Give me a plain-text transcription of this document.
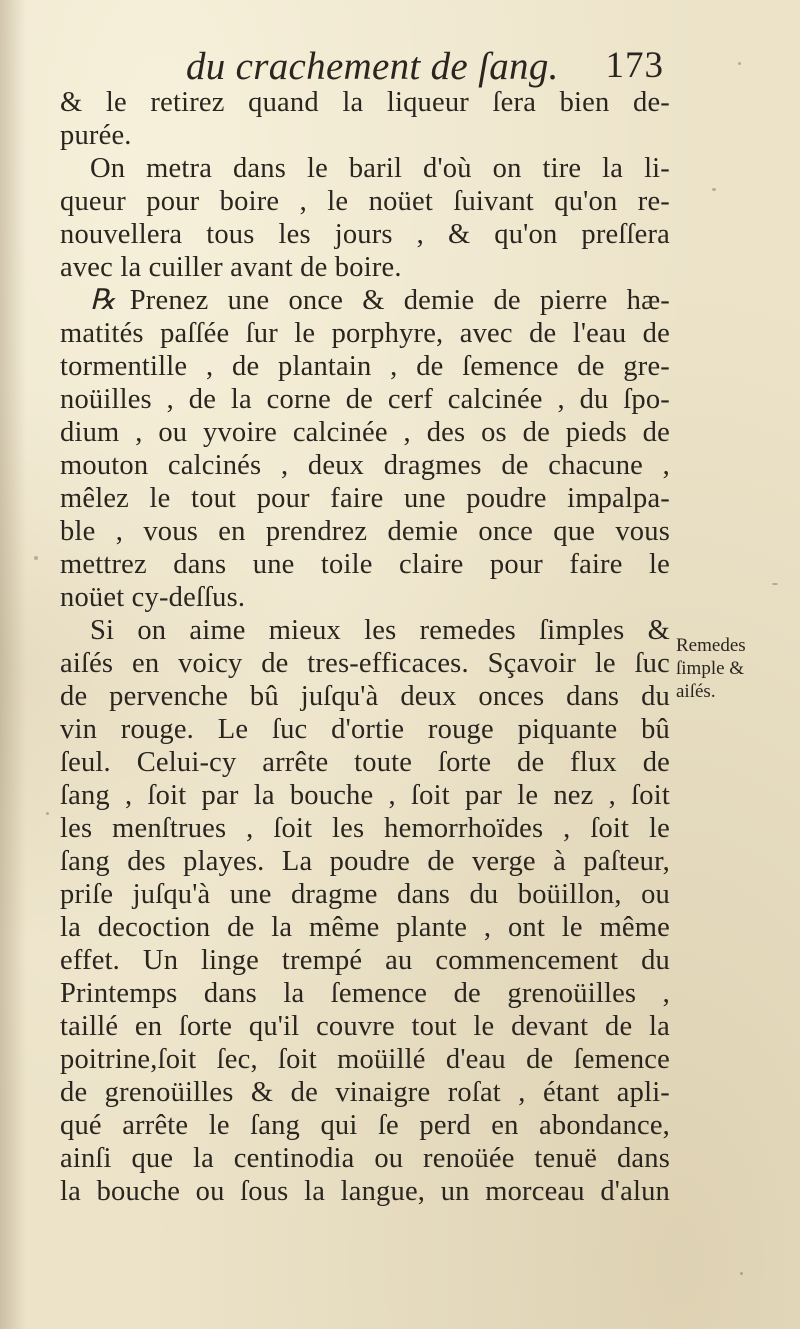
du crachement de ſang. 173
& le retirez quand la liqueur ſera bien de-
purée.
On metra dans le baril d'où on tire la li-
queur pour boire , le noüet ſuivant qu'on re-
nouvellera tous les jours , & qu'on preſſera
avec la cuiller avant de boire.
℞ Prenez une once & demie de pierre hæ-
matités paſſée ſur le porphyre, avec de l'eau de
tormentille , de plantain , de ſemence de gre-
noüilles , de la corne de cerf calcinée , du ſpo-
dium , ou yvoire calcinée , des os de pieds de
mouton calcinés , deux dragmes de chacune ,
mêlez le tout pour faire une poudre impalpa-
ble , vous en prendrez demie once que vous
mettrez dans une toile claire pour faire le
noüet cy-deſſus.
Si on aime mieux les remedes ſimples &
aiſés en voicy de tres-efficaces. Sçavoir le ſuc
de pervenche bû juſqu'à deux onces dans du
vin rouge. Le ſuc d'ortie rouge piquante bû
ſeul. Celui-cy arrête toute ſorte de flux de
ſang , ſoit par la bouche , ſoit par le nez , ſoit
les menſtrues , ſoit les hemorrhoïdes , ſoit le
ſang des playes. La poudre de verge à paſteur,
priſe juſqu'à une dragme dans du boüillon, ou
la decoction de la même plante , ont le même
effet. Un linge trempé au commencement du
Printemps dans la ſemence de grenoüilles ,
taillé en ſorte qu'il couvre tout le devant de la
poitrine,ſoit ſec, ſoit moüillé d'eau de ſemence
de grenoüilles & de vinaigre roſat , étant apli-
qué arrête le ſang qui ſe perd en abondance,
ainſi que la centinodia ou renoüée tenuë dans
la bouche ou ſous la langue, un morceau d'alun
Remedes
ſimple &
aiſés.
